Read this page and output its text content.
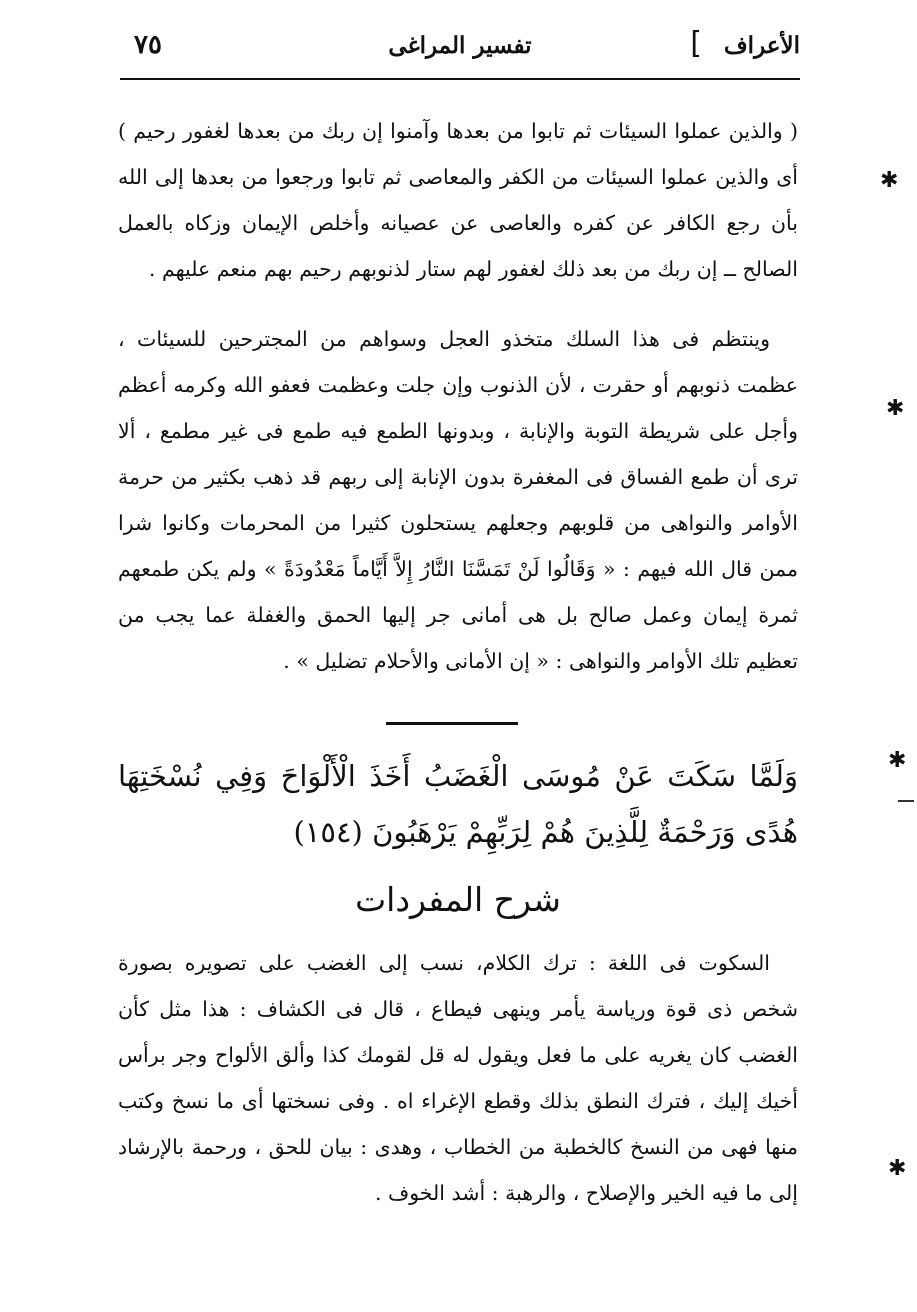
الأعراف
]
تفسير المراغى
٧٥

( والذين عملوا السيئات ثم تابوا من بعدها وآمنوا إن ربك من بعدها لغفور رحيم ) أى والذين عملوا السيئات من الكفر والمعاصى ثم تابوا ورجعوا من بعدها إلى الله بأن رجع الكافر عن كفره والعاصى عن عصيانه وأخلص الإيمان وزكاه بالعمل الصالح ــ إن ربك من بعد ذلك لغفور لهم ستار لذنوبهم رحيم بهم منعم عليهم .

وينتظم فى هذا السلك متخذو العجل وسواهم من المجترحين للسيئات ، عظمت ذنوبهم أو حقرت ، لأن الذنوب وإن جلت وعظمت فعفو الله وكرمه أعظم وأجل على شريطة التوبة والإنابة ، وبدونها الطمع فيه طمع فى غير مطمع ، ألا ترى أن طمع الفساق فى المغفرة بدون الإنابة إلى ربهم قد ذهب بكثير من حرمة الأوامر والنواهى من قلوبهم وجعلهم يستحلون كثيرا من المحرمات وكانوا شرا ممن قال الله فيهم : « وَقَالُوا لَنْ تَمَسَّنَا النَّارُ إِلاَّ أَيَّاماً مَعْدُودَةً » ولم يكن طمعهم ثمرة إيمان وعمل صالح بل هى أمانى جر إليها الحمق والغفلة عما يجب من تعظيم تلك الأوامر والنواهى : « إن الأمانى والأحلام تضليل » .

وَلَمَّا سَكَتَ عَنْ مُوسَى الْغَضَبُ أَخَذَ الْأَلْوَاحَ وَفِي نُسْخَتِهَا هُدًى وَرَحْمَةٌ لِلَّذِينَ هُمْ لِرَبِّهِمْ يَرْهَبُونَ (١٥٤)

شرح المفردات

السكوت فى اللغة : ترك الكلام، نسب إلى الغضب على تصويره بصورة شخص ذى قوة ورياسة يأمر وينهى فيطاع ، قال فى الكشاف : هذا مثل كأن الغضب كان يغريه على ما فعل ويقول له قل لقومك كذا وألق الألواح وجر برأس أخيك إليك ، فترك النطق بذلك وقطع الإغراء اه . وفى نسختها أى ما نسخ وكتب منها فهى من النسخ كالخطبة من الخطاب ، وهدى : بيان للحق ، ورحمة بالإرشاد إلى ما فيه الخير والإصلاح ، والرهبة : أشد الخوف .

✱
✱
✱
✱
